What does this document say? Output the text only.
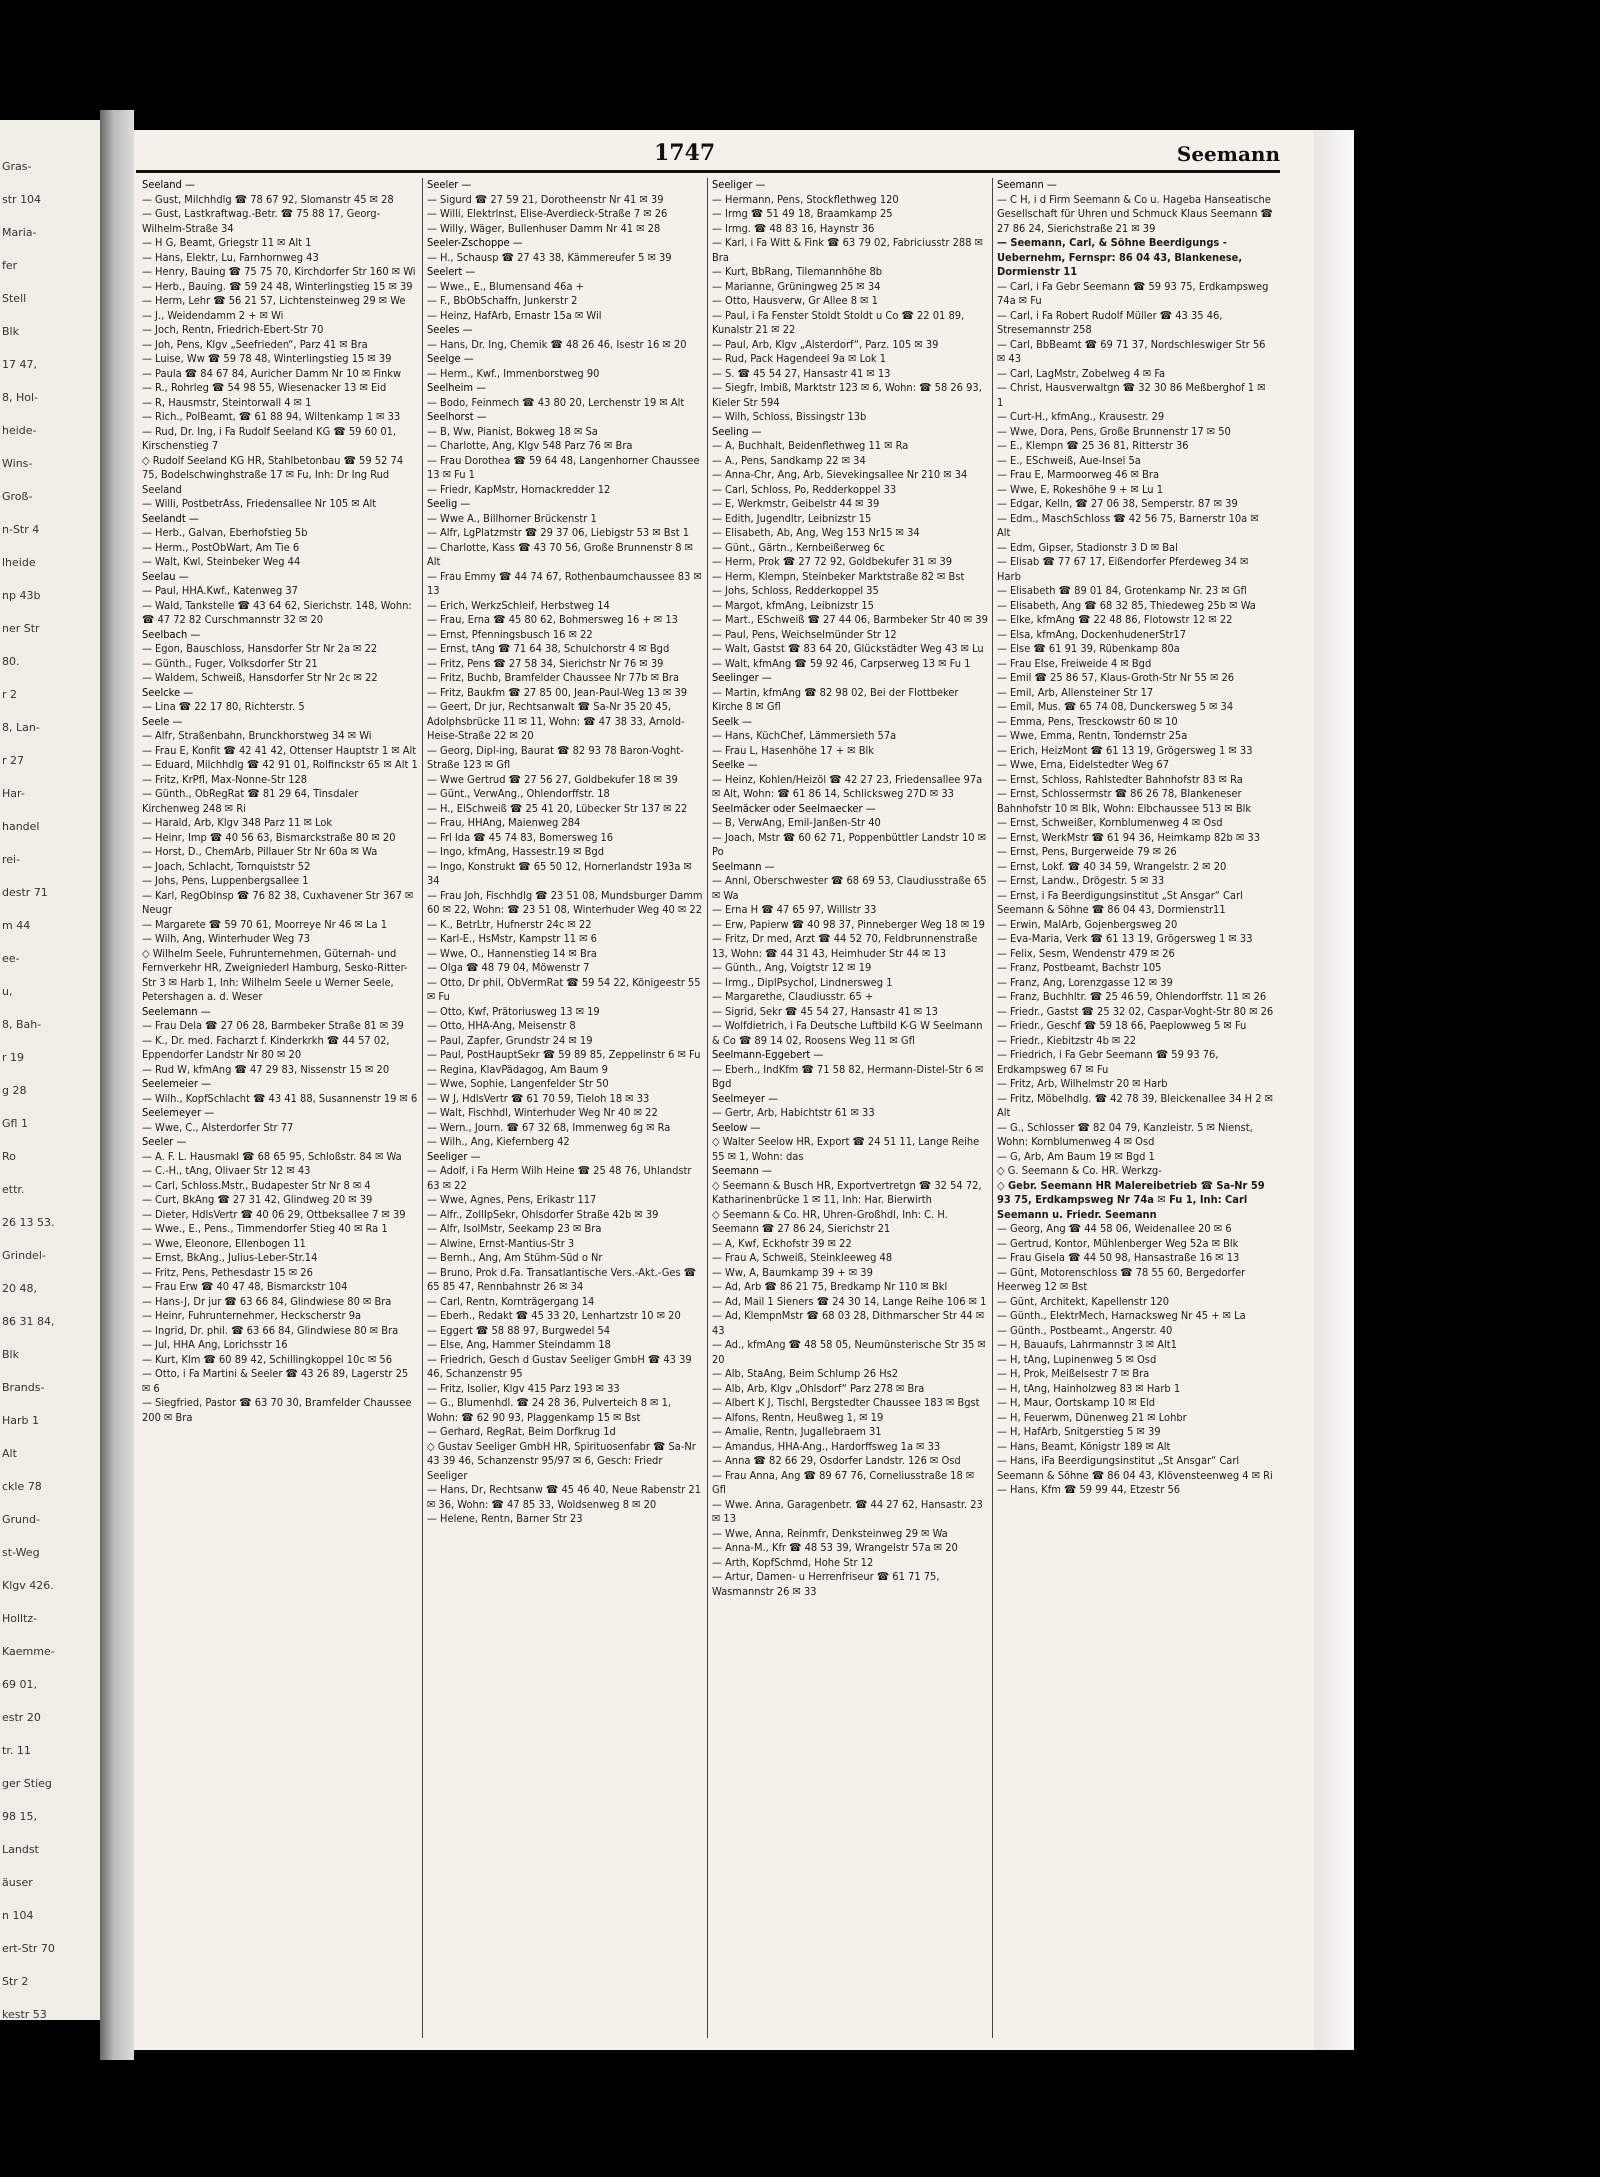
Gras-
str 104
Maria-
fer
Stell
Blk
17 47,
8, Hol-
heide-
Wins-
Groß-
n-Str 4
lheide
np 43b
ner Str
80.
r 2
8, Lan-
r 27
Har-
handel
rei-
destr 71
m 44
ee-
u,
8, Bah-
r 19
g 28
Gfl 1
Ro
ettr.
26 13 53.
Grindel-
20 48,
86 31 84,
Blk
Brands-
Harb 1
Alt
ckle 78
Grund-
st-Weg
Klgv 426.
Holltz-
Kaemme-
69 01,
estr 20
tr. 11
ger Stieg
98 15,
Landst
äuser
n 104
ert-Str 70
Str 2
kestr 53
1747	Seemann
Seeland —
— Gust, Milchhdlg ☎ 78 67 92, Slomanstr 45 ✉ 28
— Gust, Lastkraftwag.-Betr. ☎ 75 88 17, Georg-Wilhelm-Straße 34
— H G, Beamt, Griegstr 11 ✉ Alt 1
— Hans, Elektr, Lu, Farnhornweg 43
— Henry, Bauing ☎ 75 75 70, Kirchdorfer Str 160 ✉ Wi
— Herb., Bauing. ☎ 59 24 48, Winterlingstieg 15 ✉ 39
— Herm, Lehr ☎ 56 21 57, Lichtensteinweg 29 ✉ We
— J., Weidendamm 2 + ✉ Wi
— Joch, Rentn, Friedrich-Ebert-Str 70
— Joh, Pens, Klgv „Seefrieden“, Parz 41 ✉ Bra
— Luise, Ww ☎ 59 78 48, Winterlingstieg 15 ✉ 39
— Paula ☎ 84 67 84, Auricher Damm Nr 10 ✉ Finkw
— R., Rohrleg ☎ 54 98 55, Wiesenacker 13 ✉ Eid
— R, Hausmstr, Steintorwall 4 ✉ 1
— Rich., PolBeamt, ☎ 61 88 94, Wiltenkamp 1 ✉ 33
— Rud, Dr. Ing, i Fa Rudolf Seeland KG ☎ 59 60 01, Kirschenstieg 7
◇ Rudolf Seeland KG HR, Stahlbetonbau ☎ 59 52 74 75, Bodelschwinghstraße 17 ✉ Fu, Inh: Dr Ing Rud Seeland
— Willi, PostbetrAss, Friedensallee Nr 105 ✉ Alt
Seelandt —
— Herb., Galvan, Eberhofstieg 5b
— Herm., PostObWart, Am Tie 6
— Walt, Kwl, Steinbeker Weg 44
Seelau —
— Paul, HHA.Kwf., Katenweg 37
— Wald, Tankstelle ☎ 43 64 62, Sierichstr. 148, Wohn: ☎ 47 72 82 Curschmannstr 32 ✉ 20
Seelbach —
— Egon, Bauschloss, Hansdorfer Str Nr 2a ✉ 22
— Günth., Fuger, Volksdorfer Str 21
— Waldem, Schweiß, Hansdorfer Str Nr 2c ✉ 22
Seelcke —
— Lina ☎ 22 17 80, Richterstr. 5
Seele —
— Alfr, Straßenbahn, Brunckhorstweg 34 ✉ Wi
— Frau E, Konfit ☎ 42 41 42, Ottenser Hauptstr 1 ✉ Alt
— Eduard, Milchhdlg ☎ 42 91 01, Rolfinckstr 65 ✉ Alt 1
— Fritz, KrPfl, Max-Nonne-Str 128
— Günth., ObRegRat ☎ 81 29 64, Tinsdaler Kirchenweg 248 ✉ Ri
— Harald, Arb, Klgv 348 Parz 11 ✉ Lok
— Heinr, Imp ☎ 40 56 63, Bismarckstraße 80 ✉ 20
— Horst, D., ChemArb, Pillauer Str Nr 60a ✉ Wa
— Joach, Schlacht, Tornquiststr 52
— Johs, Pens, Luppenbergsallee 1
— Karl, RegOblnsp ☎ 76 82 38, Cuxhavener Str 367 ✉ Neugr
— Margarete ☎ 59 70 61, Moorreye Nr 46 ✉ La 1
— Wilh, Ang, Winterhuder Weg 73
◇ Wilhelm Seele, Fuhrunternehmen, Güternah- und Fernverkehr HR, Zweigniederl Hamburg, Sesko-Ritter-Str 3 ✉ Harb 1, Inh: Wilhelm Seele u Werner Seele, Petershagen a. d. Weser
Seelemann —
— Frau Dela ☎ 27 06 28, Barmbeker Straße 81 ✉ 39
— K., Dr. med. Facharzt f. Kinderkrkh ☎ 44 57 02, Eppendorfer Landstr Nr 80 ✉ 20
— Rud W, kfmAng ☎ 47 29 83, Nissenstr 15 ✉ 20
Seelemeier —
— Wilh., KopfSchlacht ☎ 43 41 88, Susannenstr 19 ✉ 6
Seelemeyer —
— Wwe, C., Alsterdorfer Str 77
Seeler —
— A. F. L. Hausmakl ☎ 68 65 95, Schloßstr. 84 ✉ Wa
— C.-H., tAng, Olivaer Str 12 ✉ 43
— Carl, Schloss.Mstr., Budapester Str Nr 8 ✉ 4
— Curt, BkAng ☎ 27 31 42, Glindweg 20 ✉ 39
— Dieter, HdlsVertr ☎ 40 06 29, Ottbeksallee 7 ✉ 39
— Wwe., E., Pens., Timmendorfer Stieg 40 ✉ Ra 1
— Wwe, Eleonore, Ellenbogen 11
— Ernst, BkAng., Julius-Leber-Str.14
— Fritz, Pens, Pethesdastr 15 ✉ 26
— Frau Erw ☎ 40 47 48, Bismarckstr 104
— Hans-J, Dr jur ☎ 63 66 84, Glindwiese 80 ✉ Bra
— Heinr, Fuhrunternehmer, Heckscherstr 9a
— Ingrid, Dr. phil. ☎ 63 66 84, Glindwiese 80 ✉ Bra
— Jul, HHA Ang, Lorichsstr 16
— Kurt, Klm ☎ 60 89 42, Schillingkoppel 10c ✉ 56
— Otto, i Fa Martini & Seeler ☎ 43 26 89, Lagerstr 25 ✉ 6
— Siegfried, Pastor ☎ 63 70 30, Bramfelder Chaussee 200 ✉ Bra
Seeler —
— Sigurd ☎ 27 59 21, Dorotheenstr Nr 41 ✉ 39
— Willi, Elektrlnst, Elise-Averdieck-Straße 7 ✉ 26
— Willy, Wäger, Bullenhuser Damm Nr 41 ✉ 28
Seeler-Zschoppe —
— H., Schausp ☎ 27 43 38, Kämmereufer 5 ✉ 39
Seelert —
— Wwe., E., Blumensand 46a +
— F., BbObSchaffn, Junkerstr 2
— Heinz, HafArb, Ernastr 15a ✉ Wil
Seeles —
— Hans, Dr. Ing, Chemik ☎ 48 26 46, Isestr 16 ✉ 20
Seelge —
— Herm., Kwf., Immenborstweg 90
Seelheim —
— Bodo, Feinmech ☎ 43 80 20, Lerchenstr 19 ✉ Alt
Seelhorst —
— B, Ww, Pianist, Bokweg 18 ✉ Sa
— Charlotte, Ang, Klgv 548 Parz 76 ✉ Bra
— Frau Dorothea ☎ 59 64 48, Langenhorner Chaussee 13 ✉ Fu 1
— Friedr, KapMstr, Hornackredder 12
Seelig —
— Wwe A., Billhorner Brückenstr 1
— Alfr, LgPlatzmstr ☎ 29 37 06, Liebigstr 53 ✉ Bst 1
— Charlotte, Kass ☎ 43 70 56, Große Brunnenstr 8 ✉ Alt
— Frau Emmy ☎ 44 74 67, Rothenbaumchaussee 83 ✉ 13
— Erich, WerkzSchleif, Herbstweg 14
— Frau, Erna ☎ 45 80 62, Bohmersweg 16 + ✉ 13
— Ernst, Pfenningsbusch 16 ✉ 22
— Ernst, tAng ☎ 71 64 38, Schulchorstr 4 ✉ Bgd
— Fritz, Pens ☎ 27 58 34, Sierichstr Nr 76 ✉ 39
— Fritz, Buchb, Bramfelder Chaussee Nr 77b ✉ Bra
— Fritz, Baukfm ☎ 27 85 00, Jean-Paul-Weg 13 ✉ 39
— Geert, Dr jur, Rechtsanwalt ☎ Sa-Nr 35 20 45, Adolphsbrücke 11 ✉ 11, Wohn: ☎ 47 38 33, Arnold-Heise-Straße 22 ✉ 20
— Georg, Dipl-ing, Baurat ☎ 82 93 78 Baron-Voght-Straße 123 ✉ Gfl
— Wwe Gertrud ☎ 27 56 27, Goldbekufer 18 ✉ 39
— Günt., VerwAng., Ohlendorffstr. 18
— H., ElSchweiß ☎ 25 41 20, Lübecker Str 137 ✉ 22
— Frau, HHAng, Maienweg 284
— Frl Ida ☎ 45 74 83, Bomersweg 16
— Ingo, kfmAng, Hassestr.19 ✉ Bgd
— Ingo, Konstrukt ☎ 65 50 12, Hornerlandstr 193a ✉ 34
— Frau Joh, Fischhdlg ☎ 23 51 08, Mundsburger Damm 60 ✉ 22, Wohn: ☎ 23 51 08, Winterhuder Weg 40 ✉ 22
— K., BetrLtr, Hufnerstr 24c ✉ 22
— Karl-E., HsMstr, Kampstr 11 ✉ 6
— Wwe, O., Hannenstieg 14 ✉ Bra
— Olga ☎ 48 79 04, Möwenstr 7
— Otto, Dr phil, ObVermRat ☎ 59 54 22, Königeestr 55 ✉ Fu
— Otto, Kwf, Prätoriusweg 13 ✉ 19
— Otto, HHA-Ang, Meisenstr 8
— Paul, Zapfer, Grundstr 24 ✉ 19
— Paul, PostHauptSekr ☎ 59 89 85, Zeppelinstr 6 ✉ Fu
— Regina, KlavPädagog, Am Baum 9
— Wwe, Sophie, Langenfelder Str 50
— W J, HdlsVertr ☎ 61 70 59, Tieloh 18 ✉ 33
— Walt, Fischhdl, Winterhuder Weg Nr 40 ✉ 22
— Wern., Journ. ☎ 67 32 68, Immenweg 6g ✉ Ra
— Wilh., Ang, Kiefernberg 42
Seeliger —
— Adolf, i Fa Herm Wilh Heine ☎ 25 48 76, Uhlandstr 63 ✉ 22
— Wwe, Agnes, Pens, Erikastr 117
— Alfr., ZollIpSekr, Ohlsdorfer Straße 42b ✉ 39
— Alfr, IsolMstr, Seekamp 23 ✉ Bra
— Alwine, Ernst-Mantius-Str 3
— Bernh., Ang, Am Stühm-Süd o Nr
— Bruno, Prok d.Fa. Transatlantische Vers.-Akt.-Ges ☎ 65 85 47, Rennbahnstr 26 ✉ 34
— Carl, Rentn, Kornträgergang 14
— Eberh., Redakt ☎ 45 33 20, Lenhartzstr 10 ✉ 20
— Eggert ☎ 58 88 97, Burgwedel 54
— Else, Ang, Hammer Steindamm 18
— Friedrich, Gesch d Gustav Seeliger GmbH ☎ 43 39 46, Schanzenstr 95
— Fritz, Isolier, Klgv 415 Parz 193 ✉ 33
— G., Blumenhdl. ☎ 24 28 36, Pulverteich 8 ✉ 1, Wohn: ☎ 62 90 93, Plaggenkamp 15 ✉ Bst
— Gerhard, RegRat, Beim Dorfkrug 1d
◇ Gustav Seeliger GmbH HR, Spirituosenfabr ☎ Sa-Nr 43 39 46, Schanzenstr 95/97 ✉ 6, Gesch: Friedr Seeliger
— Hans, Dr, Rechtsanw ☎ 45 46 40, Neue Rabenstr 21 ✉ 36, Wohn: ☎ 47 85 33, Woldsenweg 8 ✉ 20
— Helene, Rentn, Barner Str 23
Seeliger —
— Hermann, Pens, Stockflethweg 120
— Irmg ☎ 51 49 18, Braamkamp 25
— Irmg. ☎ 48 83 16, Haynstr 36
— Karl, i Fa Witt & Fink ☎ 63 79 02, Fabriciusstr 288 ✉ Bra
— Kurt, BbRang, Tilemannhöhe 8b
— Marianne, Grüningweg 25 ✉ 34
— Otto, Hausverw, Gr Allee 8 ✉ 1
— Paul, i Fa Fenster Stoldt Stoldt u Co ☎ 22 01 89, Kunalstr 21 ✉ 22
— Paul, Arb, Klgv „Alsterdorf“, Parz. 105 ✉ 39
— Rud, Pack Hagendeel 9a ✉ Lok 1
— S. ☎ 45 54 27, Hansastr 41 ✉ 13
— Siegfr, Imbiß, Marktstr 123 ✉ 6, Wohn: ☎ 58 26 93, Kieler Str 594
— Wilh, Schloss, Bissingstr 13b
Seeling —
— A, Buchhalt, Beidenflethweg 11 ✉ Ra
— A., Pens, Sandkamp 22 ✉ 34
— Anna-Chr, Ang, Arb, Sievekingsallee Nr 210 ✉ 34
— Carl, Schloss, Po, Redderkoppel 33
— E, Werkmstr, Geibelstr 44 ✉ 39
— Edith, Jugendltr, Leibnizstr 15
— Elisabeth, Ab, Ang, Weg 153 Nr15 ✉ 34
— Günt., Gärtn., Kernbeißerweg 6c
— Herm, Prok ☎ 27 72 92, Goldbekufer 31 ✉ 39
— Herm, Klempn, Steinbeker Marktstraße 82 ✉ Bst
— Johs, Schloss, Redderkoppel 35
— Margot, kfmAng, Leibnizstr 15
— Mart., ESchweiß ☎ 27 44 06, Barmbeker Str 40 ✉ 39
— Paul, Pens, Weichselmünder Str 12
— Walt, Gastst ☎ 83 64 20, Glückstädter Weg 43 ✉ Lu
— Walt, kfmAng ☎ 59 92 46, Carpserweg 13 ✉ Fu 1
Seelinger —
— Martin, kfmAng ☎ 82 98 02, Bei der Flottbeker Kirche 8 ✉ Gfl
Seelk —
— Hans, KüchChef, Lämmersieth 57a
— Frau L, Hasenhöhe 17 + ✉ Blk
Seelke —
— Heinz, Kohlen/Heizöl ☎ 42 27 23, Friedensallee 97a ✉ Alt, Wohn: ☎ 61 86 14, Schlicksweg 27D ✉ 33
Seelmäcker oder Seelmaecker —
— B, VerwAng, Emil-Janßen-Str 40
— Joach, Mstr ☎ 60 62 71, Poppenbüttler Landstr 10 ✉ Po
Seelmann —
— Anni, Oberschwester ☎ 68 69 53, Claudiusstraße 65 ✉ Wa
— Erna H ☎ 47 65 97, Willistr 33
— Erw, Papierw ☎ 40 98 37, Pinneberger Weg 18 ✉ 19
— Fritz, Dr med, Arzt ☎ 44 52 70, Feldbrunnenstraße 13, Wohn: ☎ 44 31 43, Heimhuder Str 44 ✉ 13
— Günth., Ang, Voigtstr 12 ✉ 19
— Irmg., DiplPsychol, Lindnersweg 1
— Margarethe, Claudiusstr. 65 +
— Sigrid, Sekr ☎ 45 54 27, Hansastr 41 ✉ 13
— Wolfdietrich, i Fa Deutsche Luftbild K-G W Seelmann & Co ☎ 89 14 02, Roosens Weg 11 ✉ Gfl
Seelmann-Eggebert —
— Eberh., IndKfm ☎ 71 58 82, Hermann-Distel-Str 6 ✉ Bgd
Seelmeyer —
— Gertr, Arb, Habichtstr 61 ✉ 33
Seelow —
◇ Walter Seelow HR, Export ☎ 24 51 11, Lange Reihe 55 ✉ 1, Wohn: das
Seemann —
◇ Seemann & Busch HR, Exportvertretgn ☎ 32 54 72, Katharinenbrücke 1 ✉ 11, Inh: Har. Bierwirth
◇ Seemann & Co. HR, Uhren-Großhdl, Inh: C. H. Seemann ☎ 27 86 24, Sierichstr 21
— A, Kwf, Eckhofstr 39 ✉ 22
— Frau A, Schweiß, Steinkleeweg 48
— Ww, A, Baumkamp 39 + ✉ 39
— Ad, Arb ☎ 86 21 75, Bredkamp Nr 110 ✉ Bkl
— Ad, Mail 1 Sieners ☎ 24 30 14, Lange Reihe 106 ✉ 1
— Ad, KlempnMstr ☎ 68 03 28, Dithmarscher Str 44 ✉ 43
— Ad., kfmAng ☎ 48 58 05, Neumünsterische Str 35 ✉ 20
— Alb, StaAng, Beim Schlump 26 Hs2
— Alb, Arb, Klgv „Ohlsdorf“ Parz 278 ✉ Bra
— Albert K J, Tischl, Bergstedter Chaussee 183 ✉ Bgst
— Alfons, Rentn, Heußweg 1, ✉ 19
— Amalie, Rentn, Jugallebraem 31
— Amandus, HHA-Ang., Hardorffsweg 1a ✉ 33
— Anna ☎ 82 66 29, Osdorfer Landstr. 126 ✉ Osd
— Frau Anna, Ang ☎ 89 67 76, Corneliusstraße 18 ✉ Gfl
— Wwe. Anna, Garagenbetr. ☎ 44 27 62, Hansastr. 23 ✉ 13
— Wwe, Anna, Reinmfr, Denksteinweg 29 ✉ Wa
— Anna-M., Kfr ☎ 48 53 39, Wrangelstr 57a ✉ 20
— Arth, KopfSchmd, Hohe Str 12
— Artur, Damen- u Herrenfriseur ☎ 61 71 75, Wasmannstr 26 ✉ 33
Seemann —
— C H, i d Firm Seemann & Co u. Hageba Hanseatische Gesellschaft für Uhren und Schmuck Klaus Seemann ☎ 27 86 24, Sierichstraße 21 ✉ 39
— Seemann, Carl, & Söhne Beerdigungs - Uebernehm, Fernspr: 86 04 43, Blankenese, Dormienstr 11
— Carl, i Fa Gebr Seemann ☎ 59 93 75, Erdkampsweg 74a ✉ Fu
— Carl, i Fa Robert Rudolf Müller ☎ 43 35 46, Stresemannstr 258
— Carl, BbBeamt ☎ 69 71 37, Nordschleswiger Str 56 ✉ 43
— Carl, LagMstr, Zobelweg 4 ✉ Fa
— Christ, Hausverwaltgn ☎ 32 30 86 Meßberghof 1 ✉ 1
— Curt-H., kfmAng., Krausestr. 29
— Wwe, Dora, Pens, Große Brunnenstr 17 ✉ 50
— E., Klempn ☎ 25 36 81, Ritterstr 36
— E., ESchweiß, Aue-Insel 5a
— Frau E, Marmoorweg 46 ✉ Bra
— Wwe, E, Rokeshöhe 9 + ✉ Lu 1
— Edgar, Kelln, ☎ 27 06 38, Semperstr. 87 ✉ 39
— Edm., MaschSchloss ☎ 42 56 75, Barnerstr 10a ✉ Alt
— Edm, Gipser, Stadionstr 3 D ✉ Bal
— Elisab ☎ 77 67 17, Eißendorfer Pferdeweg 34 ✉ Harb
— Elisabeth ☎ 89 01 84, Grotenkamp Nr. 23 ✉ Gfl
— Elisabeth, Ang ☎ 68 32 85, Thiedeweg 25b ✉ Wa
— Elke, kfmAng ☎ 22 48 86, Flotowstr 12 ✉ 22
— Elsa, kfmAng, DockenhudenerStr17
— Else ☎ 61 91 39, Rübenkamp 80a
— Frau Else, Freiweide 4 ✉ Bgd
— Emil ☎ 25 86 57, Klaus-Groth-Str Nr 55 ✉ 26
— Emil, Arb, Allensteiner Str 17
— Emil, Mus. ☎ 65 74 08, Dunckersweg 5 ✉ 34
— Emma, Pens, Tresckowstr 60 ✉ 10
— Wwe, Emma, Rentn, Tondernstr 25a
— Erich, HeizMont ☎ 61 13 19, Grögersweg 1 ✉ 33
— Wwe, Erna, Eidelstedter Weg 67
— Ernst, Schloss, Rahlstedter Bahnhofstr 83 ✉ Ra
— Ernst, Schlossermstr ☎ 86 26 78, Blankeneser Bahnhofstr 10 ✉ Blk, Wohn: Elbchaussee 513 ✉ Blk
— Ernst, Schweißer, Kornblumenweg 4 ✉ Osd
— Ernst, WerkMstr ☎ 61 94 36, Heimkamp 82b ✉ 33
— Ernst, Pens, Burgerweide 79 ✉ 26
— Ernst, Lokf. ☎ 40 34 59, Wrangelstr. 2 ✉ 20
— Ernst, Landw., Drögestr. 5 ✉ 33
— Ernst, i Fa Beerdigungsinstitut „St Ansgar“ Carl Seemann & Söhne ☎ 86 04 43, Dormienstr11
— Erwin, MalArb, Gojenbergsweg 20
— Eva-Maria, Verk ☎ 61 13 19, Grögersweg 1 ✉ 33
— Felix, Sesm, Wendenstr 479 ✉ 26
— Franz, Postbeamt, Bachstr 105
— Franz, Ang, Lorenzgasse 12 ✉ 39
— Franz, Buchhltr. ☎ 25 46 59, Ohlendorffstr. 11 ✉ 26
— Friedr., Gastst ☎ 25 32 02, Caspar-Voght-Str 80 ✉ 26
— Friedr., Geschf ☎ 59 18 66, Paeplowweg 5 ✉ Fu
— Friedr., Kiebitzstr 4b ✉ 22
— Friedrich, i Fa Gebr Seemann ☎ 59 93 76, Erdkampsweg 67 ✉ Fu
— Fritz, Arb, Wilhelmstr 20 ✉ Harb
— Fritz, Möbelhdlg. ☎ 42 78 39, Bleickenallee 34 H 2 ✉ Alt
— G., Schlosser ☎ 82 04 79, Kanzleistr. 5 ✉ Nienst, Wohn: Kornblumenweg 4 ✉ Osd
— G, Arb, Am Baum 19 ✉ Bgd 1
◇ G. Seemann & Co. HR. Werkzg-
◇ Gebr. Seemann HR Malereibetrieb ☎ Sa-Nr 59 93 75, Erdkampsweg Nr 74a ✉ Fu 1, Inh: Carl Seemann u. Friedr. Seemann
— Georg, Ang ☎ 44 58 06, Weidenallee 20 ✉ 6
— Gertrud, Kontor, Mühlenberger Weg 52a ✉ Blk
— Frau Gisela ☎ 44 50 98, Hansastraße 16 ✉ 13
— Günt, Motorenschloss ☎ 78 55 60, Bergedorfer Heerweg 12 ✉ Bst
— Günt, Architekt, Kapellenstr 120
— Günth., ElektrMech, Harnacksweg Nr 45 + ✉ La
— Günth., Postbeamt., Angerstr. 40
— H, Bauaufs, Lahrmannstr 3 ✉ Alt1
— H, tAng, Lupinenweg 5 ✉ Osd
— H, Prok, Meißelsestr 7 ✉ Bra
— H, tAng, Hainholzweg 83 ✉ Harb 1
— H, Maur, Oortskamp 10 ✉ Eld
— H, Feuerwm, Dünenweg 21 ✉ Lohbr
— H, HafArb, Snitgerstieg 5 ✉ 39
— Hans, Beamt, Königstr 189 ✉ Alt
— Hans, iFa Beerdigungsinstitut „St Ansgar“ Carl Seemann & Söhne ☎ 86 04 43, Klövensteenweg 4 ✉ Ri
— Hans, Kfm ☎ 59 99 44, Etzestr 56
